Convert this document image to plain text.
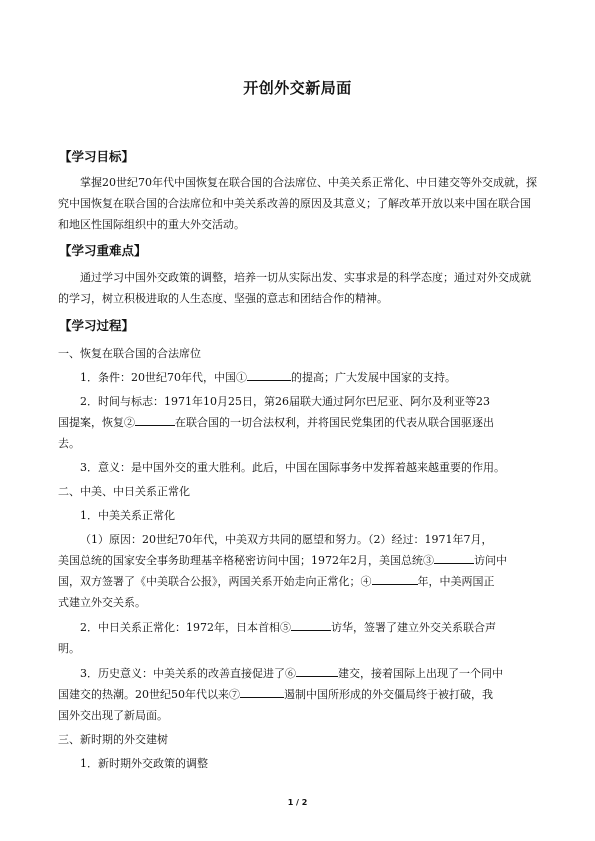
开创外交新局面
【学习目标】
掌握20世纪70年代中国恢复在联合国的合法席位、中美关系正常化、中日建交等外交成就，探究中国恢复在联合国的合法席位和中美关系改善的原因及其意义；了解改革开放以来中国在联合国和地区性国际组织中的重大外交活动。
【学习重难点】
通过学习中国外交政策的调整，培养一切从实际出发、实事求是的科学态度；通过对外交成就的学习，树立积极进取的人生态度、坚强的意志和团结合作的精神。
【学习过程】
一、恢复在联合国的合法席位
1．条件：20世纪70年代，中国①	的提高；广大发展中国家的支持。
2．时间与标志：1971年10月25日，第26届联大通过阿尔巴尼亚、阿尔及利亚等23
国提案，恢复②	在联合国的一切合法权利，并将国民党集团的代表从联合国驱逐出
去。
3．意义：是中国外交的重大胜利。此后，中国在国际事务中发挥着越来越重要的作用。
二、中美、中日关系正常化
1．中美关系正常化
（1）原因：20世纪70年代，中美双方共同的愿望和努力。（2）经过：1971年7月，
美国总统的国家安全事务助理基辛格秘密访问中国；1972年2月，美国总统③	访问中
国，双方签署了《中美联合公报》，两国关系开始走向正常化；④	年，中美两国正
式建立外交关系。
2．中日关系正常化：1972年，日本首相⑤	访华，签署了建立外交关系联合声
明。
3．历史意义：中美关系的改善直接促进了⑥	建交，接着国际上出现了一个同中
国建交的热潮。20世纪50年代以来⑦	遏制中国所形成的外交僵局终于被打破，我
国外交出现了新局面。
三、新时期的外交建树
1．新时期外交政策的调整
1 / 2
